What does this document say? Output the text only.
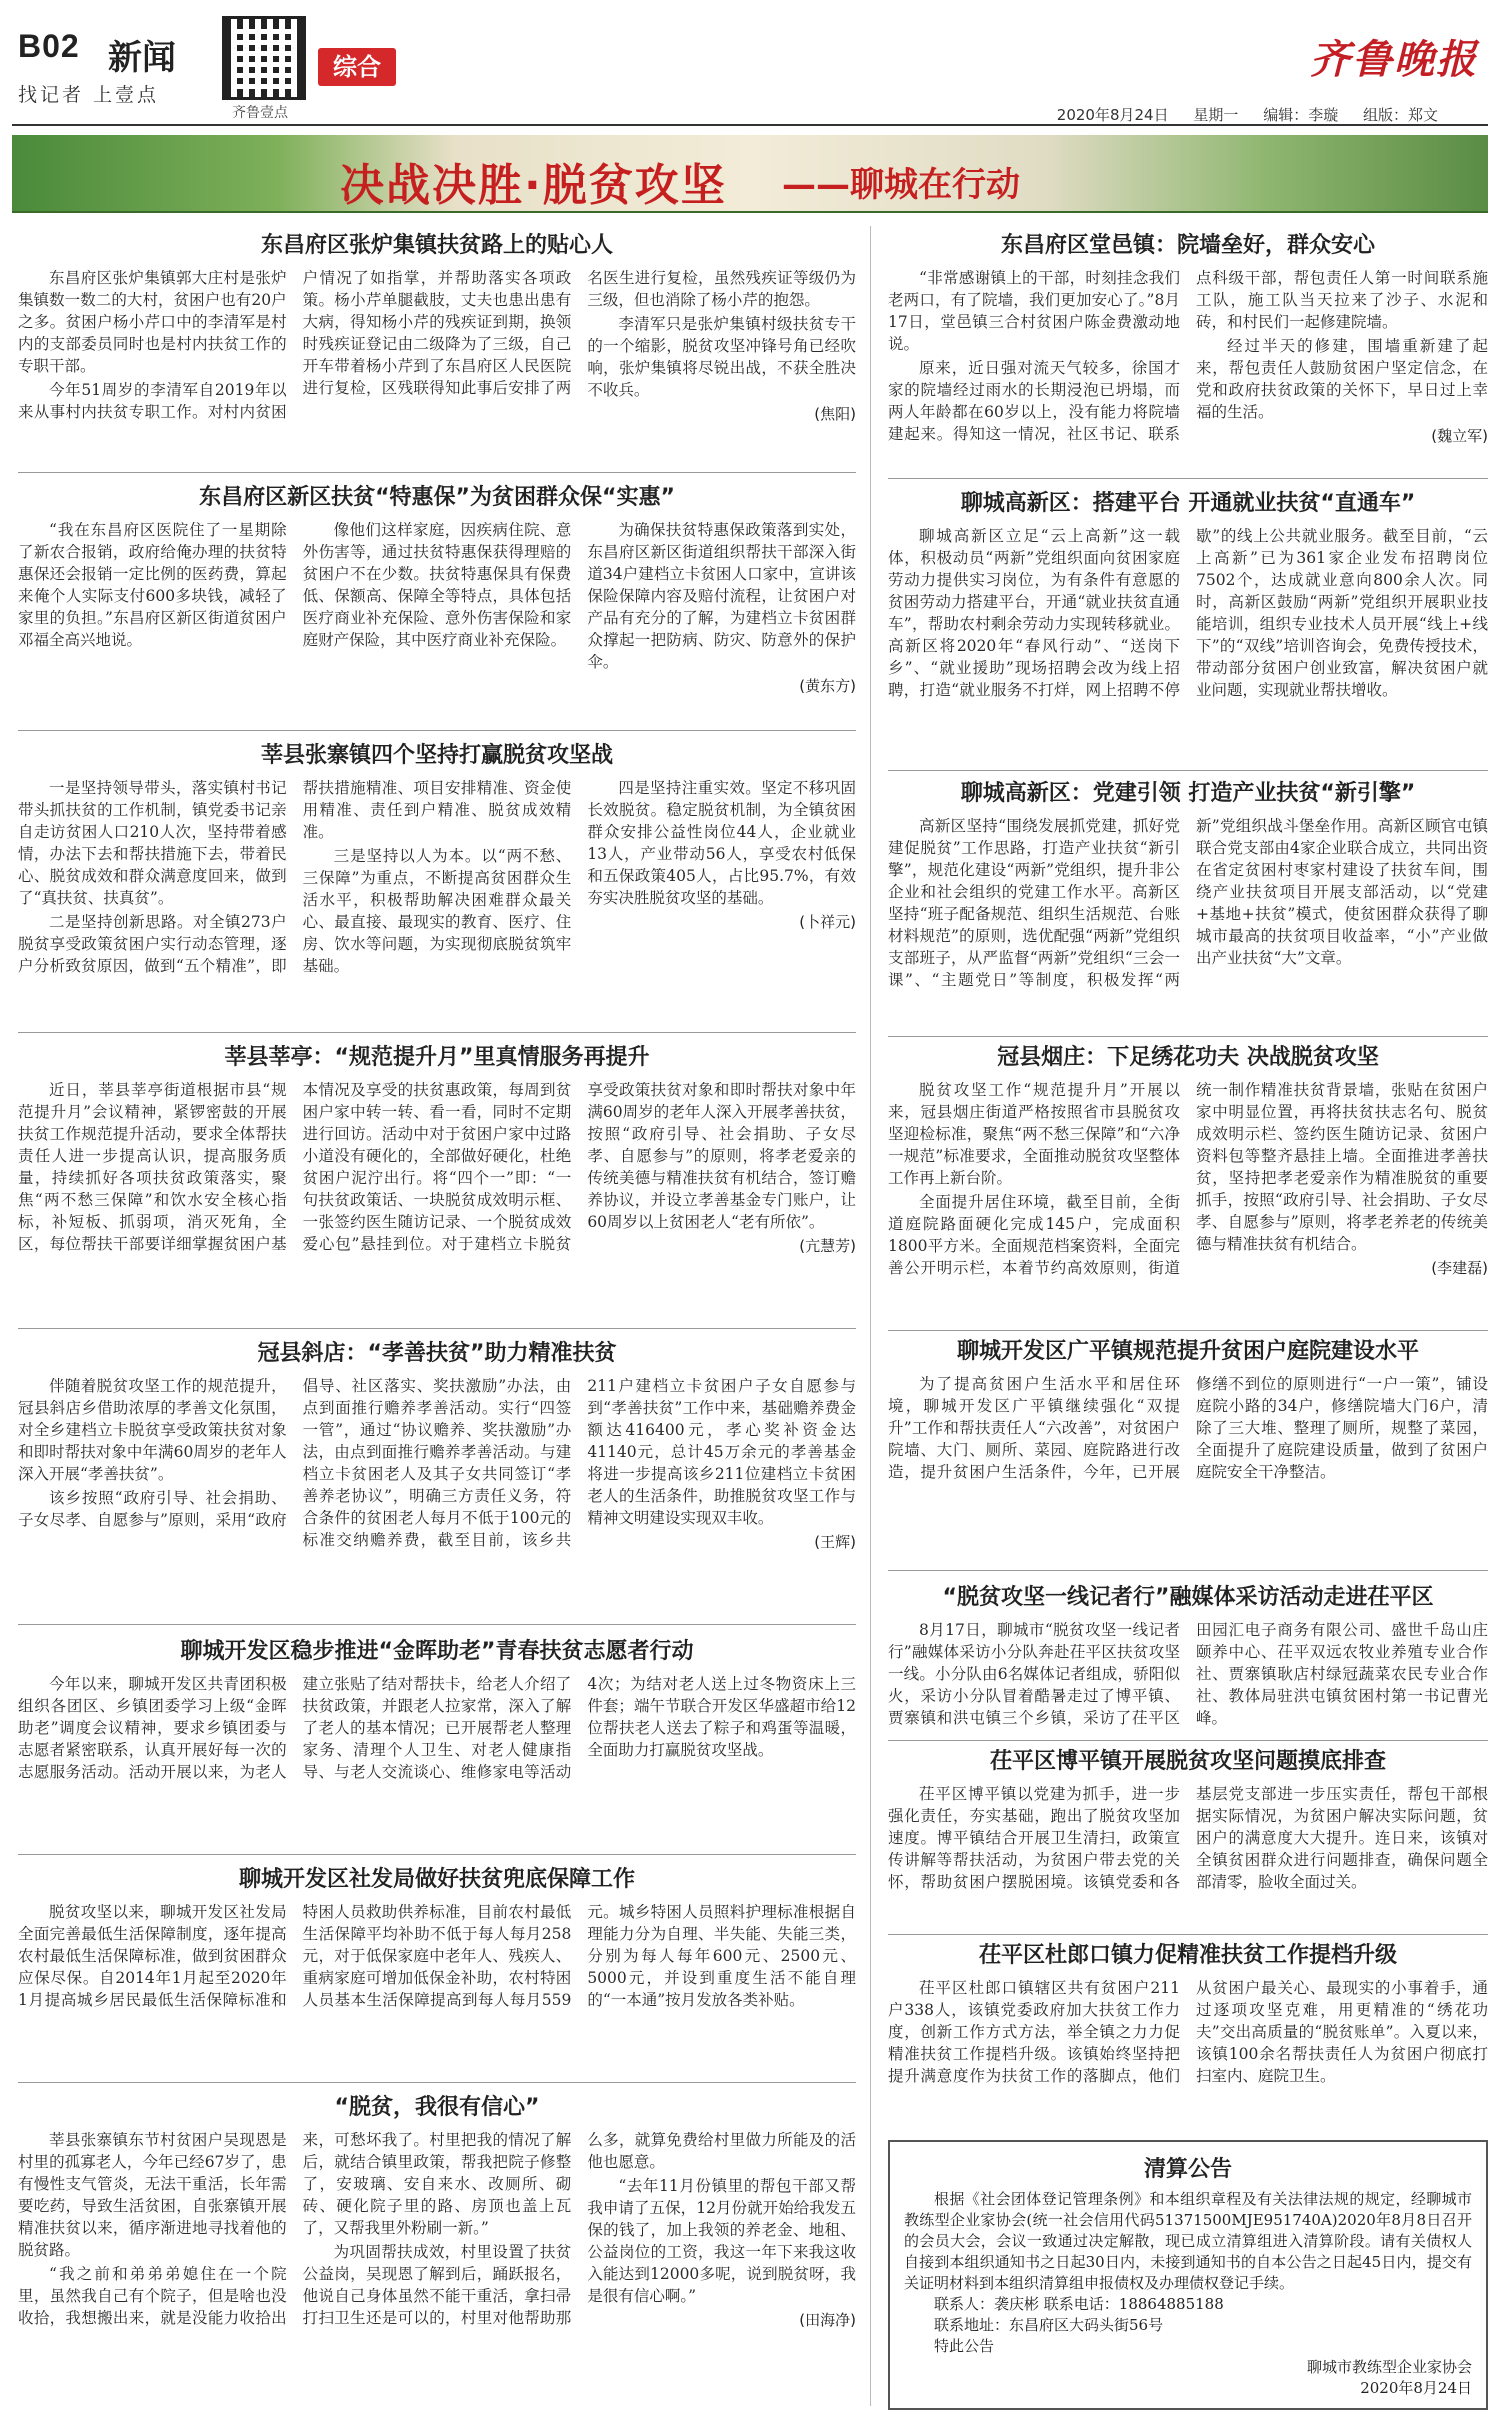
B02 新闻
找记者 上壹点
齐鲁壹点
综合	齐鲁晚报
2020年8月24日 星期一 编辑：李璇 组版：郑文
决战决胜·脱贫攻坚 ——聊城在行动
东昌府区张炉集镇扶贫路上的贴心人

东昌府区张炉集镇郭大庄村是张炉集镇数一数二的大村，贫困户也有20户之多。贫困户杨小芹口中的李清军是村内的支部委员同时也是村内扶贫工作的专职干部。

今年51周岁的李清军自2019年以来从事村内扶贫专职工作。对村内贫困户情况了如指掌，并帮助落实各项政策。杨小芹单腿截肢，丈夫也患出患有大病，得知杨小芹的残疾证到期，换领时残疾证登记由二级降为了三级，自己开车带着杨小芹到了东昌府区人民医院进行复检，区残联得知此事后安排了两名医生进行复检，虽然残疾证等级仍为三级，但也消除了杨小芹的抱怨。

李清军只是张炉集镇村级扶贫专干的一个缩影，脱贫攻坚冲锋号角已经吹响，张炉集镇将尽锐出战，不获全胜决不收兵。

(焦阳)
东昌府区新区扶贫“特惠保”为贫困群众保“实惠”

“我在东昌府区医院住了一星期除了新农合报销，政府给俺办理的扶贫特惠保还会报销一定比例的医药费，算起来俺个人实际支付600多块钱，减轻了家里的负担。”东昌府区新区街道贫困户邓福全高兴地说。

像他们这样家庭，因疾病住院、意外伤害等，通过扶贫特惠保获得理赔的贫困户不在少数。扶贫特惠保具有保费低、保额高、保障全等特点，具体包括医疗商业补充保险、意外伤害保险和家庭财产保险，其中医疗商业补充保险。

为确保扶贫特惠保政策落到实处，东昌府区新区街道组织帮扶干部深入街道34户建档立卡贫困人口家中，宣讲该保险保障内容及赔付流程，让贫困户对产品有充分的了解，为建档立卡贫困群众撑起一把防病、防灾、防意外的保护伞。

(黄东方)
莘县张寨镇四个坚持打赢脱贫攻坚战

一是坚持领导带头，落实镇村书记带头抓扶贫的工作机制，镇党委书记亲自走访贫困人口210人次，坚持带着感情，办法下去和帮扶措施下去，带着民心、脱贫成效和群众满意度回来，做到了“真扶贫、扶真贫”。

二是坚持创新思路。对全镇273户脱贫享受政策贫困户实行动态管理，逐户分析致贫原因，做到“五个精准”，即帮扶措施精准、项目安排精准、资金使用精准、责任到户精准、脱贫成效精准。

三是坚持以人为本。以“两不愁、三保障”为重点，不断提高贫困群众生活水平，积极帮助解决困难群众最关心、最直接、最现实的教育、医疗、住房、饮水等问题，为实现彻底脱贫筑牢基础。

四是坚持注重实效。坚定不移巩固长效脱贫。稳定脱贫机制，为全镇贫困群众安排公益性岗位44人，企业就业13人，产业带动56人，享受农村低保和五保政策405人，占比95.7%，有效夯实决胜脱贫攻坚的基础。

(卜祥元)
莘县莘亭：“规范提升月”里真情服务再提升

近日，莘县莘亭街道根据市县“规范提升月”会议精神，紧锣密鼓的开展扶贫工作规范提升活动，要求全体帮扶责任人进一步提高认识，提高服务质量，持续抓好各项扶贫政策落实，聚焦“两不愁三保障”和饮水安全核心指标，补短板、抓弱项，消灭死角，全区，每位帮扶干部要详细掌握贫困户基本情况及享受的扶贫惠政策，每周到贫困户家中转一转、看一看，同时不定期进行回访。活动中对于贫困户家中过路小道没有硬化的，全部做好硬化，杜绝贫困户泥泞出行。将“四个一”即：“一句扶贫政策话、一块脱贫成效明示框、一张签约医生随访记录、一个脱贫成效爱心包”悬挂到位。对于建档立卡脱贫享受政策扶贫对象和即时帮扶对象中年满60周岁的老年人深入开展孝善扶贫，按照“政府引导、社会捐助、子女尽孝、自愿参与”的原则，将孝老爱亲的传统美德与精准扶贫有机结合，签订赡养协议，并设立孝善基金专门账户，让60周岁以上贫困老人“老有所依”。

(亢慧芳)
冠县斜店：“孝善扶贫”助力精准扶贫

伴随着脱贫攻坚工作的规范提升，冠县斜店乡借助浓厚的孝善文化氛围，对全乡建档立卡脱贫享受政策扶贫对象和即时帮扶对象中年满60周岁的老年人深入开展“孝善扶贫”。

该乡按照“政府引导、社会捐助、子女尽孝、自愿参与”原则，采用“政府倡导、社区落实、奖扶激励”办法，由点到面推行赡养孝善活动。实行“四签一管”，通过“协议赡养、奖扶激励”办法，由点到面推行赡养孝善活动。与建档立卡贫困老人及其子女共同签订“孝善养老协议”，明确三方责任义务，符合条件的贫困老人每月不低于100元的标准交纳赡养费，截至目前，该乡共211户建档立卡贫困户子女自愿参与到“孝善扶贫”工作中来，基础赡养费金额达416400元，孝心奖补资金达41140元，总计45万余元的孝善基金将进一步提高该乡211位建档立卡贫困老人的生活条件，助推脱贫攻坚工作与精神文明建设实现双丰收。

(王辉)
聊城开发区稳步推进“金晖助老”青春扶贫志愿者行动

今年以来，聊城开发区共青团积极组织各团区、乡镇团委学习上级“金晖助老”调度会议精神，要求乡镇团委与志愿者紧密联系，认真开展好每一次的志愿服务活动。活动开展以来，为老人建立张贴了结对帮扶卡，给老人介绍了扶贫政策，并跟老人拉家常，深入了解了老人的基本情况；已开展帮老人整理家务、清理个人卫生、对老人健康指导、与老人交流谈心、维修家电等活动4次；为结对老人送上过冬物资床上三件套；端午节联合开发区华盛超市给12位帮扶老人送去了粽子和鸡蛋等温暖，全面助力打赢脱贫攻坚战。

聊城开发区社发局做好扶贫兜底保障工作

脱贫攻坚以来，聊城开发区社发局全面完善最低生活保障制度，逐年提高农村最低生活保障标准，做到贫困群众应保尽保。自2014年1月起至2020年1月提高城乡居民最低生活保障标准和特困人员救助供养标准，目前农村最低生活保障平均补助不低于每人每月258元，对于低保家庭中老年人、残疾人、重病家庭可增加低保金补助，农村特困人员基本生活保障提高到每人每月559元。城乡特困人员照料护理标准根据自理能力分为自理、半失能、失能三类，分别为每人每年600元、2500元、5000元，并设到重度生活不能自理的“一本通”按月发放各类补贴。

“脱贫，我很有信心”

莘县张寨镇东节村贫困户吴现恩是村里的孤寡老人，今年已经67岁了，患有慢性支气管炎，无法干重活，长年需要吃药，导致生活贫困，自张寨镇开展精准扶贫以来，循序渐进地寻找着他的脱贫路。

“我之前和弟弟弟媳住在一个院里，虽然我自己有个院子，但是啥也没收拾，我想搬出来，就是没能力收拾出来，可愁坏我了。村里把我的情况了解后，就结合镇里政策，帮我把院子修整了，安玻璃、安自来水、改厕所、砌砖、硬化院子里的路、房顶也盖上瓦了，又帮我里外粉刷一新。”

为巩固帮扶成效，村里设置了扶贫公益岗，吴现恩了解到后，踊跃报名，他说自己身体虽然不能干重活，拿扫帚打扫卫生还是可以的，村里对他帮助那么多，就算免费给村里做力所能及的活他也愿意。

“去年11月份镇里的帮包干部又帮我申请了五保，12月份就开始给我发五保的钱了，加上我领的养老金、地租、公益岗位的工资，我这一年下来我这收入能达到12000多呢，说到脱贫呀，我是很有信心啊。”

(田海净)
东昌府区堂邑镇：院墙垒好，群众安心

“非常感谢镇上的干部，时刻挂念我们老两口，有了院墙，我们更加安心了。”8月17日，堂邑镇三合村贫困户陈金费激动地说。

原来，近日强对流天气较多，徐国才家的院墙经过雨水的长期浸泡已坍塌，而两人年龄都在60岁以上，没有能力将院墙建起来。得知这一情况，社区书记、联系点科级干部，帮包责任人第一时间联系施工队，施工队当天拉来了沙子、水泥和砖，和村民们一起修建院墙。

经过半天的修建，围墙重新建了起来，帮包责任人鼓励贫困户坚定信念，在党和政府扶贫政策的关怀下，早日过上幸福的生活。

(魏立军)
聊城高新区：搭建平台 开通就业扶贫“直通车”

聊城高新区立足“云上高新”这一载体，积极动员“两新”党组织面向贫困家庭劳动力提供实习岗位，为有条件有意愿的贫困劳动力搭建平台，开通“就业扶贫直通车”，帮助农村剩余劳动力实现转移就业。高新区将2020年“春风行动”、“送岗下乡”、“就业援助”现场招聘会改为线上招聘，打造“就业服务不打烊，网上招聘不停歇”的线上公共就业服务。截至目前，“云上高新”已为361家企业发布招聘岗位7502个，达成就业意向800余人次。同时，高新区鼓励“两新”党组织开展职业技能培训，组织专业技术人员开展“线上+线下”的“双线”培训咨询会，免费传授技术，带动部分贫困户创业致富，解决贫困户就业问题，实现就业帮扶增收。

聊城高新区：党建引领 打造产业扶贫“新引擎”

高新区坚持“围绕发展抓党建，抓好党建促脱贫”工作思路，打造产业扶贫“新引擎”，规范化建设“两新”党组织，提升非公企业和社会组织的党建工作水平。高新区坚持“班子配备规范、组织生活规范、台账材料规范”的原则，选优配强“两新”党组织支部班子，从严监督“两新”党组织“三会一课”、“主题党日”等制度，积极发挥“两新”党组织战斗堡垒作用。高新区顾官屯镇联合党支部由4家企业联合成立，共同出资在省定贫困村枣家村建设了扶贫车间，围绕产业扶贫项目开展支部活动，以“党建+基地+扶贫”模式，使贫困群众获得了聊城市最高的扶贫项目收益率，“小”产业做出产业扶贫“大”文章。

冠县烟庄：下足绣花功夫 决战脱贫攻坚

脱贫攻坚工作“规范提升月”开展以来，冠县烟庄街道严格按照省市县脱贫攻坚迎检标准，聚焦“两不愁三保障”和“六净一规范”标准要求，全面推动脱贫攻坚整体工作再上新台阶。

全面提升居住环境，截至目前，全街道庭院路面硬化完成145户，完成面积1800平方米。全面规范档案资料，全面完善公开明示栏，本着节约高效原则，街道统一制作精准扶贫背景墙，张贴在贫困户家中明显位置，再将扶贫扶志名句、脱贫成效明示栏、签约医生随访记录、贫困户资料包等整齐悬挂上墙。全面推进孝善扶贫，坚持把孝老爱亲作为精准脱贫的重要抓手，按照“政府引导、社会捐助、子女尽孝、自愿参与”原则，将孝老养老的传统美德与精准扶贫有机结合。

(李建磊)
聊城开发区广平镇规范提升贫困户庭院建设水平

为了提高贫困户生活水平和居住环境，聊城开发区广平镇继续强化“双提升”工作和帮扶责任人“六改善”，对贫困户院墙、大门、厕所、菜园、庭院路进行改造，提升贫困户生活条件，今年，已开展修缮不到位的原则进行“一户一策”，铺设庭院小路的34户，修缮院墙大门6户，清除了三大堆、整理了厕所，规整了菜园，全面提升了庭院建设质量，做到了贫困户庭院安全干净整洁。

“脱贫攻坚一线记者行”融媒体采访活动走进茌平区

8月17日，聊城市“脱贫攻坚一线记者行”融媒体采访小分队奔赴茌平区扶贫攻坚一线。小分队由6名媒体记者组成，骄阳似火，采访小分队冒着酷暑走过了博平镇、贾寨镇和洪屯镇三个乡镇，采访了茌平区田园汇电子商务有限公司、盛世千岛山庄颐养中心、茌平双远农牧业养殖专业合作社、贾寨镇耿店村绿冠蔬菜农民专业合作社、教体局驻洪屯镇贫困村第一书记曹光峰。

茌平区博平镇开展脱贫攻坚问题摸底排查

茌平区博平镇以党建为抓手，进一步强化责任，夯实基础，跑出了脱贫攻坚加速度。博平镇结合开展卫生清扫，政策宣传讲解等帮扶活动，为贫困户带去党的关怀，帮助贫困户摆脱困境。该镇党委和各基层党支部进一步压实责任，帮包干部根据实际情况，为贫困户解决实际问题，贫困户的满意度大大提升。连日来，该镇对全镇贫困群众进行问题排查，确保问题全部清零，脸收全面过关。

茌平区杜郎口镇力促精准扶贫工作提档升级

茌平区杜郎口镇辖区共有贫困户211户338人，该镇党委政府加大扶贫工作力度，创新工作方式方法，举全镇之力力促精准扶贫工作提档升级。该镇始终坚持把提升满意度作为扶贫工作的落脚点，他们从贫困户最关心、最现实的小事着手，通过逐项攻坚克难，用更精准的“绣花功夫”交出高质量的“脱贫账单”。入夏以来，该镇100余名帮扶责任人为贫困户彻底打扫室内、庭院卫生。

清算公告

根据《社会团体登记管理条例》和本组织章程及有关法律法规的规定，经聊城市教练型企业家协会(统一社会信用代码51371500MJE951740A)2020年8月8日召开的会员大会，会议一致通过决定解散，现已成立清算组进入清算阶段。请有关债权人自接到本组织通知书之日起30日内，未接到通知书的自本公告之日起45日内，提交有关证明材料到本组织清算组申报债权及办理债权登记手续。

联系人：袭庆彬 联系电话：18864885188
联系地址：东昌府区大码头街56号
特此公告
聊城市教练型企业家协会
2020年8月24日
